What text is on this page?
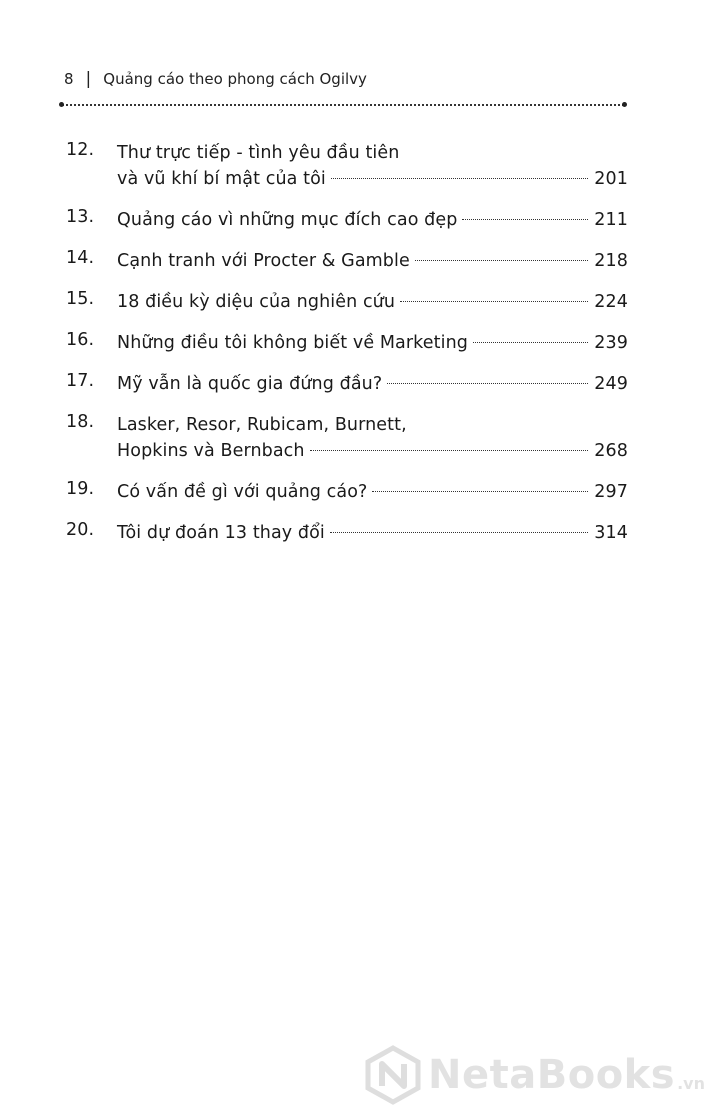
8 | Quảng cáo theo phong cách Ogilvy
12.	Thư trực tiếp - tình yêu đầu tiên
và vũ khí bí mật của tôi	201
13.	Quảng cáo vì những mục đích cao đẹp	211
14.	Cạnh tranh với Procter & Gamble	218
15.	18 điều kỳ diệu của nghiên cứu	224
16.	Những điều tôi không biết về Marketing	239
17.	Mỹ vẫn là quốc gia đứng đầu?	249
18.	Lasker, Resor, Rubicam, Burnett,
Hopkins và Bernbach	268
19.	Có vấn đề gì với quảng cáo?	297
20.	Tôi dự đoán 13 thay đổi	314
NetaBooks .vn
